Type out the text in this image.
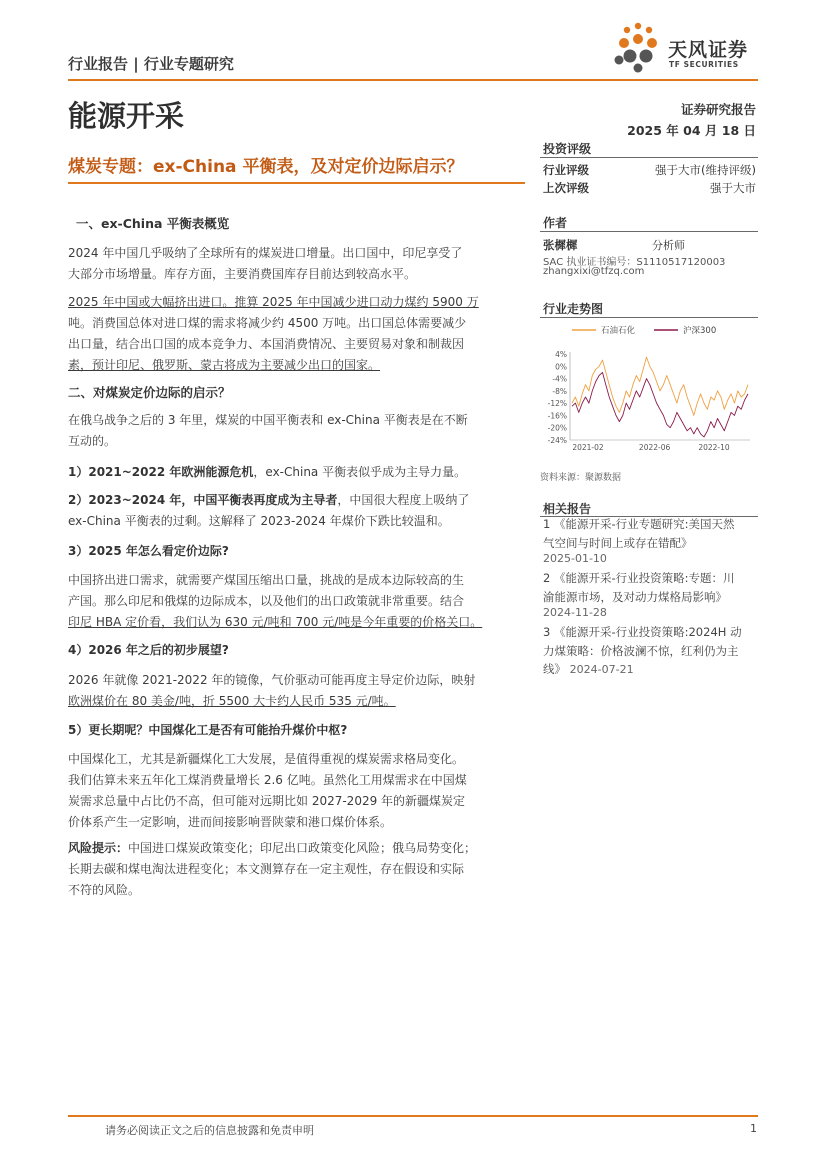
行业报告 | 行业专题研究
天风证券
TF SECURITIES
能源开采	证券研究报告
2025 年 04 月 18 日
煤炭专题：ex-China 平衡表，及对定价边际启示？
一、ex-China 平衡表概览
2024 年中国几乎吸纳了全球所有的煤炭进口增量。出口国中，印尼享受了
大部分市场增量。库存方面，主要消费国库存目前达到较高水平。
2025 年中国或大幅挤出进口。推算 2025 年中国减少进口动力煤约 5900 万
吨。消费国总体对进口煤的需求将减少约 4500 万吨。出口国总体需要减少
出口量，结合出口国的成本竞争力、本国消费情况、主要贸易对象和制裁因
素，预计印尼、俄罗斯、蒙古将成为主要减少出口的国家。
二、对煤炭定价边际的启示？
在俄乌战争之后的 3 年里，煤炭的中国平衡表和 ex-China 平衡表是在不断
互动的。
1）2021~2022 年欧洲能源危机，ex-China 平衡表似乎成为主导力量。
2）2023~2024 年，中国平衡表再度成为主导者，中国很大程度上吸纳了
ex-China 平衡表的过剩。这解释了 2023-2024 年煤价下跌比较温和。
3）2025 年怎么看定价边际?
中国挤出进口需求，就需要产煤国压缩出口量，挑战的是成本边际较高的生
产国。那么印尼和俄煤的边际成本，以及他们的出口政策就非常重要。结合
印尼 HBA 定价看，我们认为 630 元/吨和 700 元/吨是今年重要的价格关口。
4）2026 年之后的初步展望?
2026 年就像 2021-2022 年的镜像，气价驱动可能再度主导定价边际，映射
欧洲煤价在 80 美金/吨，折 5500 大卡约人民币 535 元/吨。
5）更长期呢？中国煤化工是否有可能抬升煤价中枢?
中国煤化工，尤其是新疆煤化工大发展，是值得重视的煤炭需求格局变化。
我们估算未来五年化工煤消费量增长 2.6 亿吨。虽然化工用煤需求在中国煤
炭需求总量中占比仍不高，但可能对远期比如 2027-2029 年的新疆煤炭定
价体系产生一定影响，进而间接影响晋陕蒙和港口煤价体系。
风险提示：中国进口煤炭政策变化；印尼出口政策变化风险；俄乌局势变化；
长期去碳和煤电淘汰进程变化；本文测算存在一定主观性，存在假设和实际
不符的风险。
投资评级
行业评级	强于大市(维持评级)
上次评级	强于大市
作者
张樨樨	分析师
SAC 执业证书编号：S1110517120003
zhangxixi@tfzq.com
行业走势图
石油石化	沪深300
4%
0%
-4%
-8%
-12%
-16%
-20%
-24%
2021-02	2022-06	2022-10
资料来源：聚源数据
相关报告
1 《能源开采-行业专题研究:美国天然
气空间与时间上或存在错配》
2025-01-10
2 《能源开采-行业投资策略:专题：川
渝能源市场，及对动力煤格局影响》
2024-11-28
3 《能源开采-行业投资策略:2024H 动
力煤策略：价格波澜不惊，红利仍为主
线》 2024-07-21
请务必阅读正文之后的信息披露和免责申明	1
